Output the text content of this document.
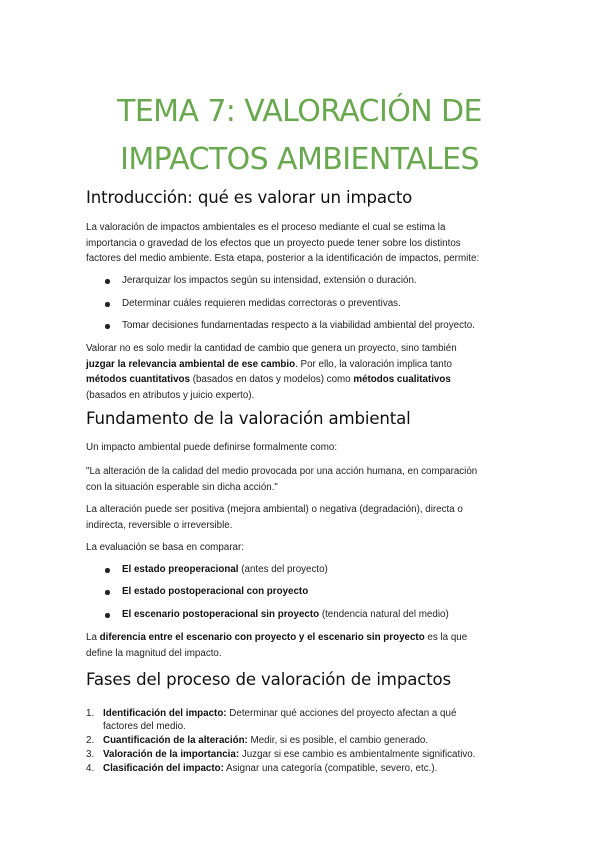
TEMA 7: VALORACIÓN DE
IMPACTOS AMBIENTALES
Introducción: qué es valorar un impacto

La valoración de impactos ambientales es el proceso mediante el cual se estima la
importancia o gravedad de los efectos que un proyecto puede tener sobre los distintos
factores del medio ambiente. Esta etapa, posterior a la identificación de impactos, permite:

Jerarquizar los impactos según su intensidad, extensión o duración.
Determinar cuáles requieren medidas correctoras o preventivas.
Tomar decisiones fundamentadas respecto a la viabilidad ambiental del proyecto.

Valorar no es solo medir la cantidad de cambio que genera un proyecto, sino también
juzgar la relevancia ambiental de ese cambio. Por ello, la valoración implica tanto
métodos cuantitativos (basados en datos y modelos) como métodos cualitativos
(basados en atributos y juicio experto).

Fundamento de la valoración ambiental

Un impacto ambiental puede definirse formalmente como:

"La alteración de la calidad del medio provocada por una acción humana, en comparación
con la situación esperable sin dicha acción."

La alteración puede ser positiva (mejora ambiental) o negativa (degradación), directa o
indirecta, reversible o irreversible.

La evaluación se basa en comparar:

El estado preoperacional (antes del proyecto)
El estado postoperacional con proyecto
El escenario postoperacional sin proyecto (tendencia natural del medio)

La diferencia entre el escenario con proyecto y el escenario sin proyecto es la que
define la magnitud del impacto.

Fases del proceso de valoración de impactos
1. Identificación del impacto: Determinar qué acciones del proyecto afectan a qué
factores del medio.
2. Cuantificación de la alteración: Medir, si es posible, el cambio generado.
3. Valoración de la importancia: Juzgar si ese cambio es ambientalmente significativo.
4. Clasificación del impacto: Asignar una categoría (compatible, severo, etc.).
